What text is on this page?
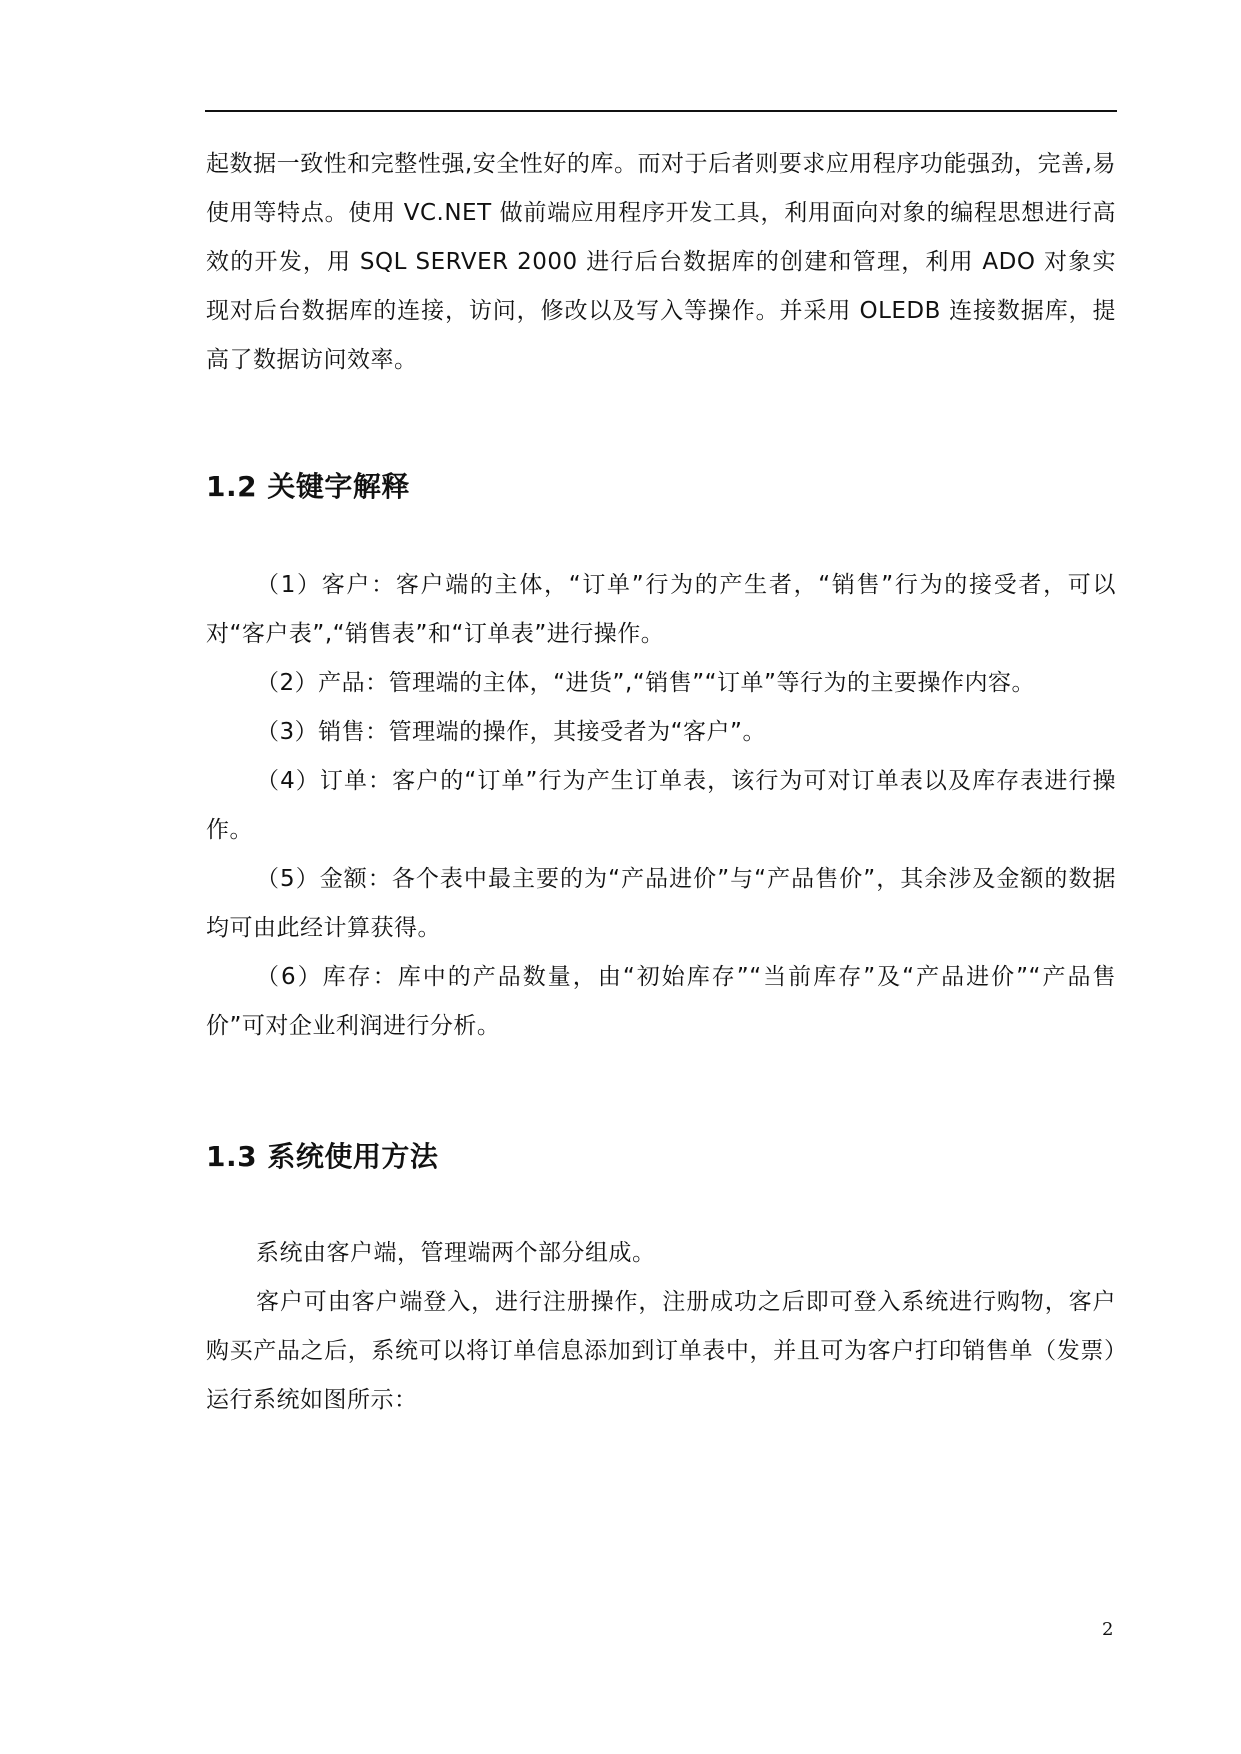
起数据一致性和完整性强,安全性好的库。而对于后者则要求应用程序功能强劲，完善,易使用等特点。使用 VC.NET 做前端应用程序开发工具，利用面向对象的编程思想进行高效的开发，用 SQL SERVER 2000 进行后台数据库的创建和管理，利用 ADO 对象实现对后台数据库的连接，访问，修改以及写入等操作。并采用 OLEDB 连接数据库，提高了数据访问效率。

1.2 关键字解释

（1）客户：客户端的主体，“订单”行为的产生者，“销售”行为的接受者，可以对“客户表”,“销售表”和“订单表”进行操作。

（2）产品：管理端的主体，“进货”,“销售”“订单”等行为的主要操作内容。

（3）销售：管理端的操作，其接受者为“客户”。

（4）订单：客户的“订单”行为产生订单表，该行为可对订单表以及库存表进行操作。

（5）金额：各个表中最主要的为“产品进价”与“产品售价”，其余涉及金额的数据均可由此经计算获得。

（6）库存：库中的产品数量，由“初始库存”“当前库存”及“产品进价”“产品售价”可对企业利润进行分析。

1.3 系统使用方法

系统由客户端，管理端两个部分组成。

客户可由客户端登入，进行注册操作，注册成功之后即可登入系统进行购物，客户购买产品之后，系统可以将订单信息添加到订单表中，并且可为客户打印销售单（发票）运行系统如图所示：

2
